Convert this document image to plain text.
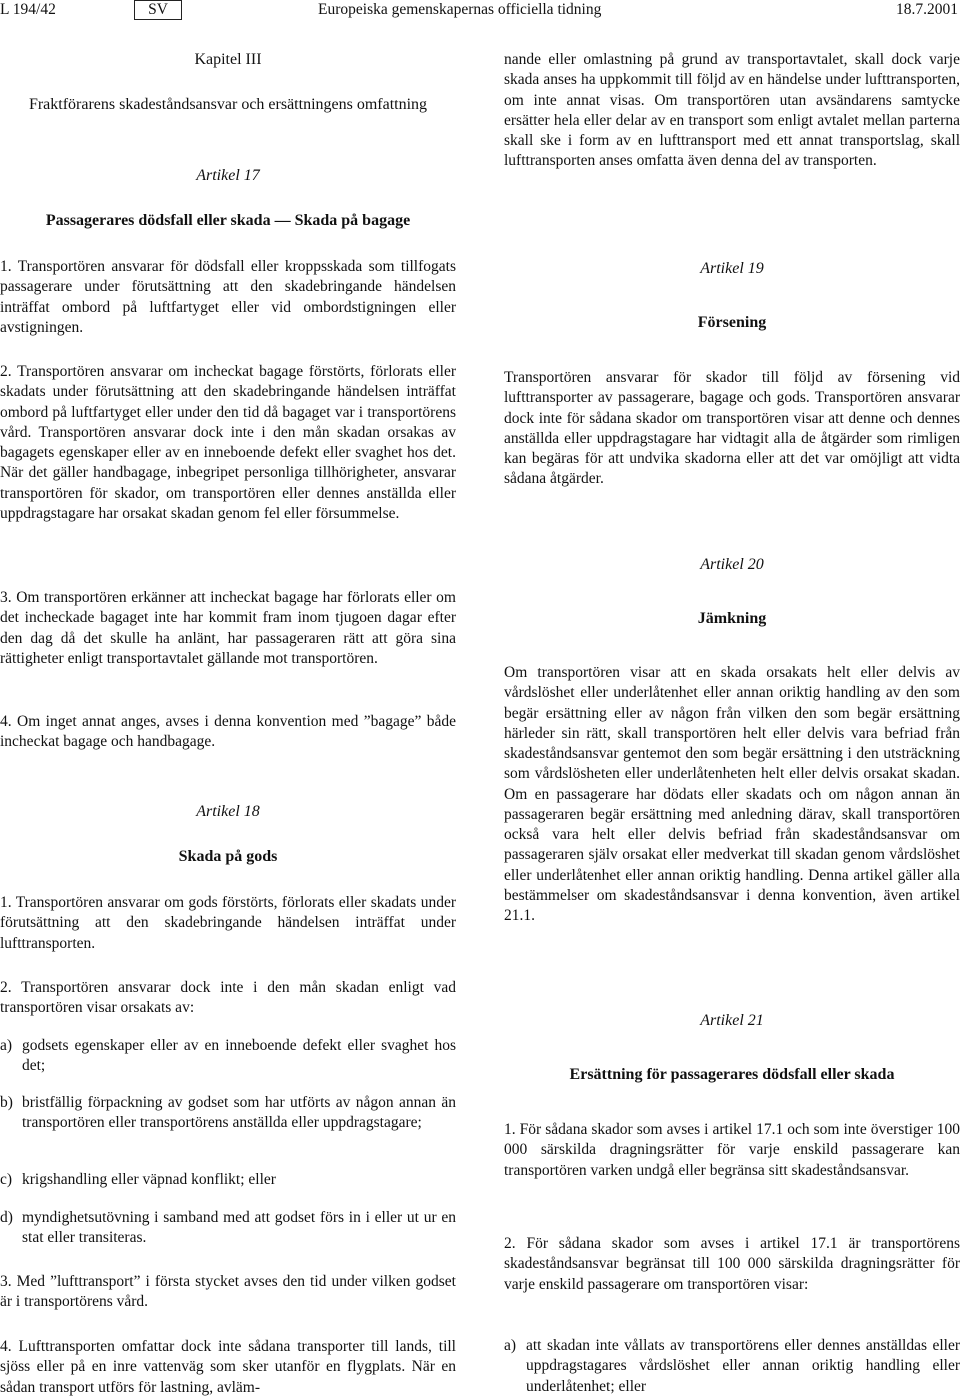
L 194/42	SV	Europeiska gemenskapernas officiella tidning	18.7.2001
Kapitel III
Fraktförarens skadeståndsansvar och ersättningens omfattning
Artikel 17
Passagerares dödsfall eller skada — Skada på bagage

1. Transportören ansvarar för dödsfall eller kroppsskada som tillfogats passagerare under förutsättning att den skadebringande händelsen inträffat ombord på luftfartyget eller vid ombordstigningen eller avstigningen.

2. Transportören ansvarar om incheckat bagage förstörts, förlorats eller skadats under förutsättning att den skadebringande händelsen inträffat ombord på luftfartyget eller under den tid då bagaget var i transportörens vård. Transportören ansvarar dock inte i den mån skadan orsakas av bagagets egenskaper eller av en inneboende defekt eller svaghet hos det. När det gäller handbagage, inbegripet personliga tillhörigheter, ansvarar transportören för skador, om transportören eller dennes anställda eller uppdragstagare har orsakat skadan genom fel eller försummelse.

3. Om transportören erkänner att incheckat bagage har förlorats eller om det incheckade bagaget inte har kommit fram inom tjugoen dagar efter den dag då det skulle ha anlänt, har passageraren rätt att göra sina rättigheter enligt transportavtalet gällande mot transportören.

4. Om inget annat anges, avses i denna konvention med ”bagage” både incheckat bagage och handbagage.

Artikel 18
Skada på gods

1. Transportören ansvarar om gods förstörts, förlorats eller skadats under förutsättning att den skadebringande händelsen inträffat under lufttransporten.

2. Transportören ansvarar dock inte i den mån skadan enligt vad transportören visar orsakats av:

a) godsets egenskaper eller av en inneboende defekt eller svaghet hos det;
b) bristfällig förpackning av godset som har utförts av någon annan än transportören eller transportörens anställda eller uppdragstagare;
c) krigshandling eller väpnad konflikt; eller
d) myndighetsutövning i samband med att godset förs in i eller ut ur en stat eller transiteras.

3. Med ”lufttransport” i första stycket avses den tid under vilken godset är i transportörens vård.

4. Lufttransporten omfattar dock inte sådana transporter till lands, till sjöss eller på en inre vattenväg som sker utanför en flygplats. När en sådan transport utförs för lastning, avläm-

nande eller omlastning på grund av transportavtalet, skall dock varje skada anses ha uppkommit till följd av en händelse under lufttransporten, om inte annat visas. Om transportören utan avsändarens samtycke ersätter hela eller delar av en transport som enligt avtalet mellan parterna skall ske i form av en lufttransport med ett annat transportslag, skall lufttransporten anses omfatta även denna del av transporten.

Artikel 19
Försening

Transportören ansvarar för skador till följd av försening vid lufttransporter av passagerare, bagage och gods. Transportören ansvarar dock inte för sådana skador om transportören visar att denne och dennes anställda eller uppdragstagare har vidtagit alla de åtgärder som rimligen kan begäras för att undvika skadorna eller att det var omöjligt att vidta sådana åtgärder.

Artikel 20
Jämkning

Om transportören visar att en skada orsakats helt eller delvis av vårdslöshet eller underlåtenhet eller annan oriktig handling av den som begär ersättning eller av någon från vilken den som begär ersättning härleder sin rätt, skall transportören helt eller delvis vara befriad från skadeståndsansvar gentemot den som begär ersättning i den utsträckning som vårdslösheten eller underlåtenheten helt eller delvis orsakat skadan. Om en passagerare har dödats eller skadats och om någon annan än passageraren begär ersättning med anledning därav, skall transportören också vara helt eller delvis befriad från skadeståndsansvar om passageraren själv orsakat eller medverkat till skadan genom vårdslöshet eller underlåtenhet eller annan oriktig handling. Denna artikel gäller alla bestämmelser om skadeståndsansvar i denna konvention, även artikel 21.1.

Artikel 21
Ersättning för passagerares dödsfall eller skada

1. För sådana skador som avses i artikel 17.1 och som inte överstiger 100 000 särskilda dragningsrätter för varje enskild passagerare kan transportören varken undgå eller begränsa sitt skadeståndsansvar.

2. För sådana skador som avses i artikel 17.1 är transportörens skadeståndsansvar begränsat till 100 000 särskilda dragningsrätter för varje enskild passagerare om transportören visar:

a) att skadan inte vållats av transportörens eller dennes anställdas eller uppdragstagares vårdslöshet eller annan oriktig handling eller underlåtenhet; eller
